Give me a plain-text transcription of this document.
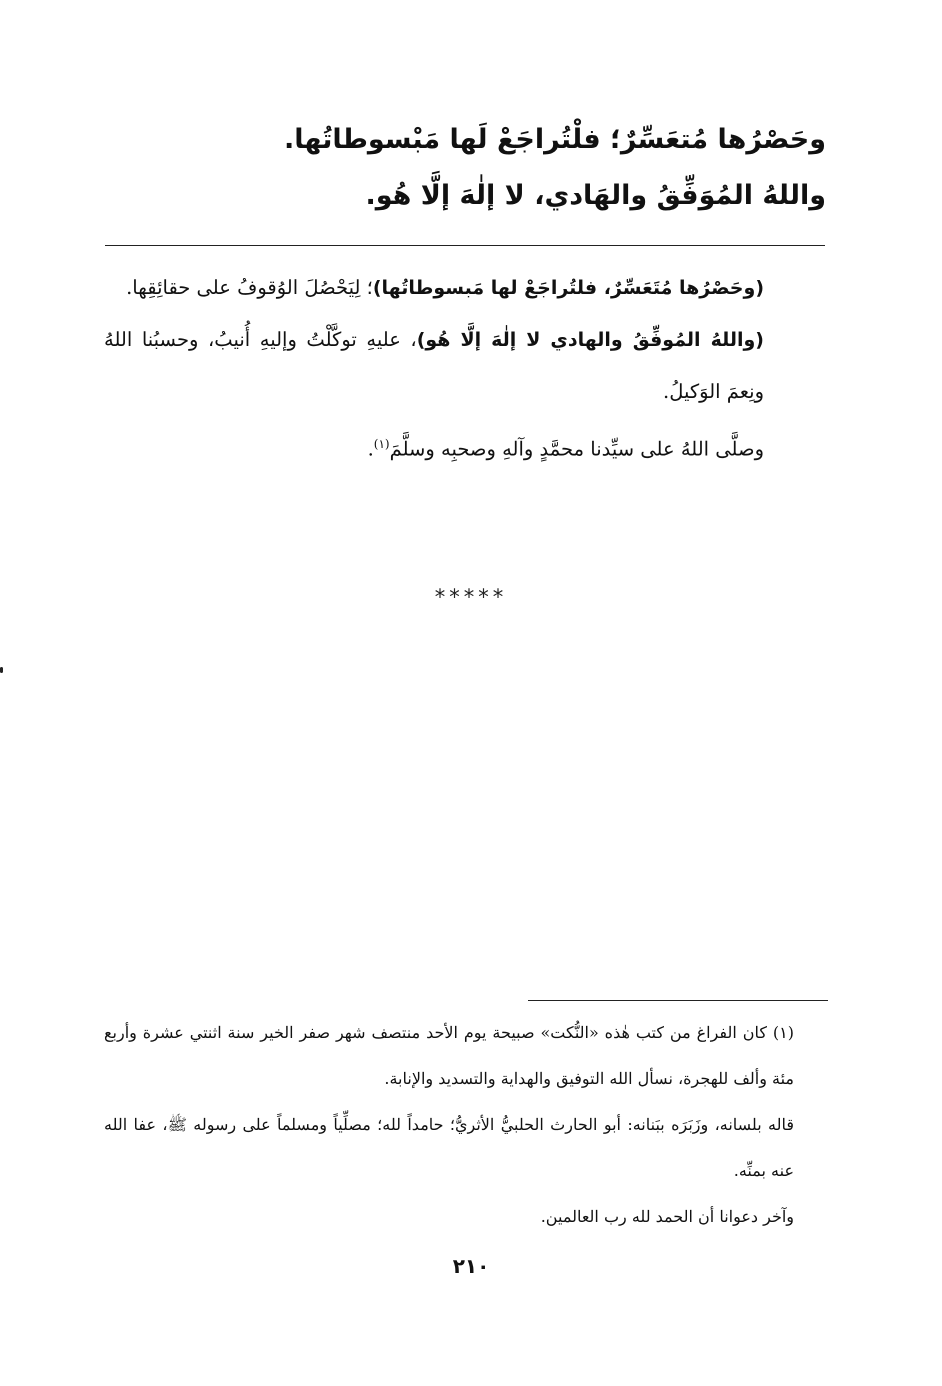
وحَصْرُها مُتعَسِّرٌ؛ فلْتُراجَعْ لَها مَبْسوطاتُها.
واللهُ المُوَفِّقُ والهَادي، لا إلٰهَ إلَّا هُو.

(وحَصْرُها مُتَعَسِّرٌ، فلتُراجَعْ لها مَبسوطاتُها)؛ لِيَحْصُلَ الوُقوفُ على حقائِقِها.

(واللهُ المُوفِّقُ والهادي لا إلٰهَ إلَّا هُو)، عليهِ توكَّلْتُ وإليهِ أُنيبُ، وحسبُنا اللهُ ونِعمَ الوَكيلُ.

وصلَّى اللهُ على سيِّدنا محمَّدٍ وآلهِ وصحبِه وسلَّمَ$^{(١)}$.

*****

(١) كان الفراغ من كتب هٰذه «النُّكت» صبيحة يوم الأحد منتصف شهر صفر الخير سنة اثنتي عشرة وأربع مئة وألف للهجرة، نسأل الله التوفيق والهداية والتسديد والإنابة.

قاله بلسانه، وزَبَرَه ببَنانه: أبو الحارث الحلبيُّ الأثريُّ؛ حامداً لله؛ مصلِّياً ومسلماً على رسوله ﷺ، عفا الله عنه بمنِّه.

وآخر دعوانا أن الحمد لله رب العالمين.

٢١٠
